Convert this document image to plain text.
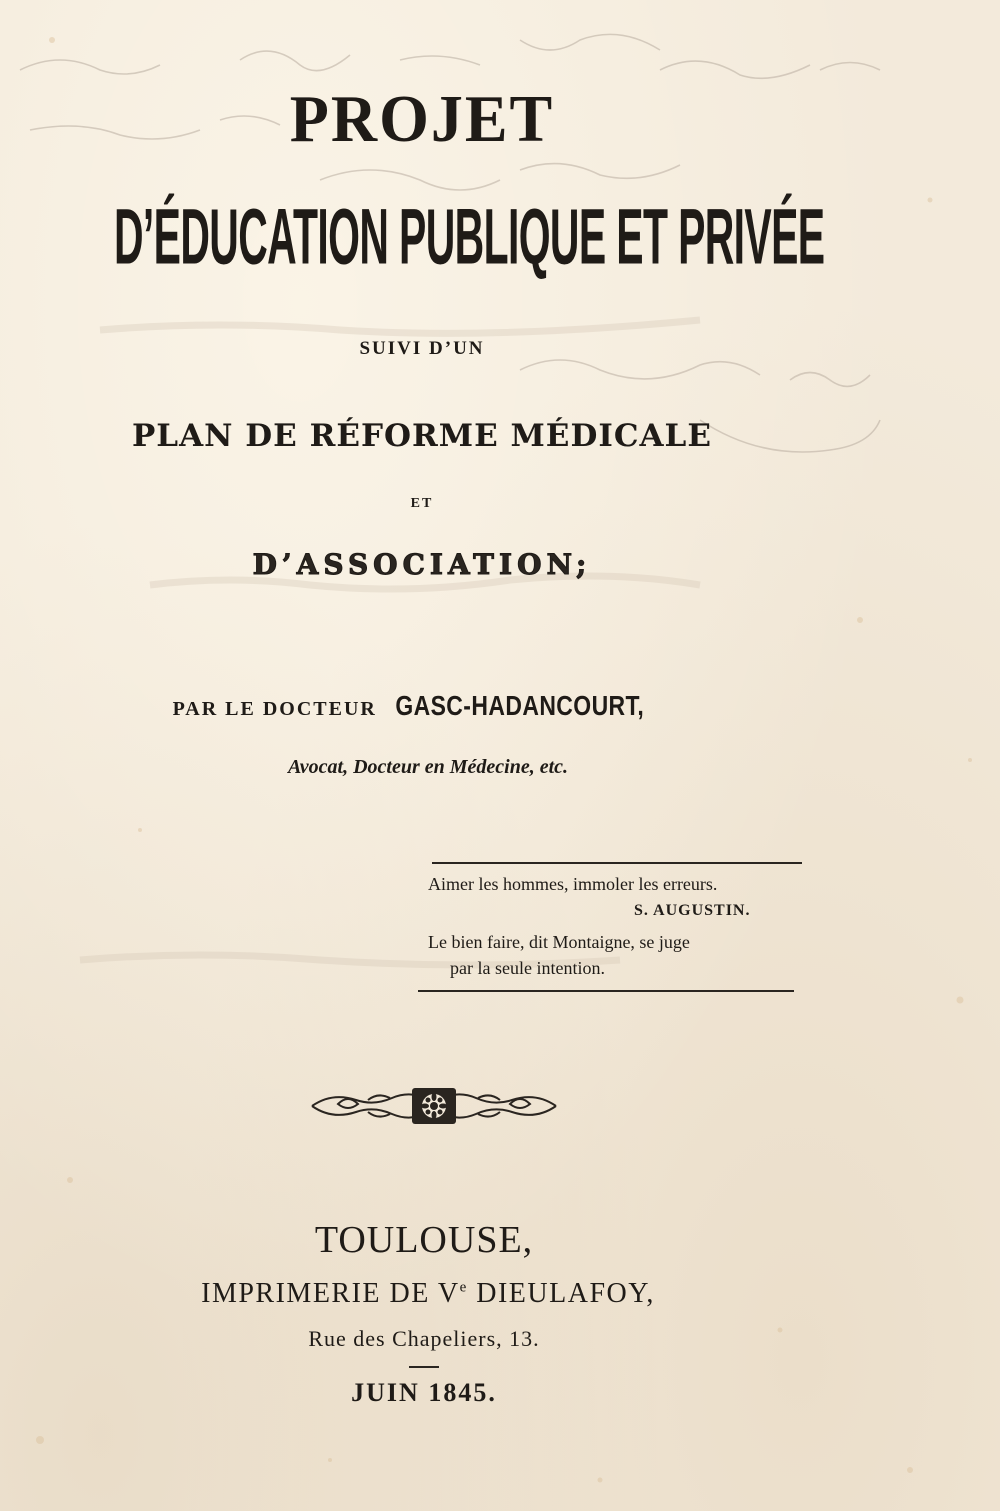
PROJET
D’ÉDUCATION PUBLIQUE ET PRIVÉE
SUIVI D’UN
PLAN DE RÉFORME MÉDICALE
ET
D’ASSOCIATION;
PAR LE DOCTEUR GASC-HADANCOURT,
Avocat, Docteur en Médecine, etc.
Aimer les hommes, immoler les erreurs.
S. AUGUSTIN.
Le bien faire, dit Montaigne, se juge
par la seule intention.
TOULOUSE,
IMPRIMERIE DE Ve DIEULAFOY,
Rue des Chapeliers, 13.
JUIN 1845.
